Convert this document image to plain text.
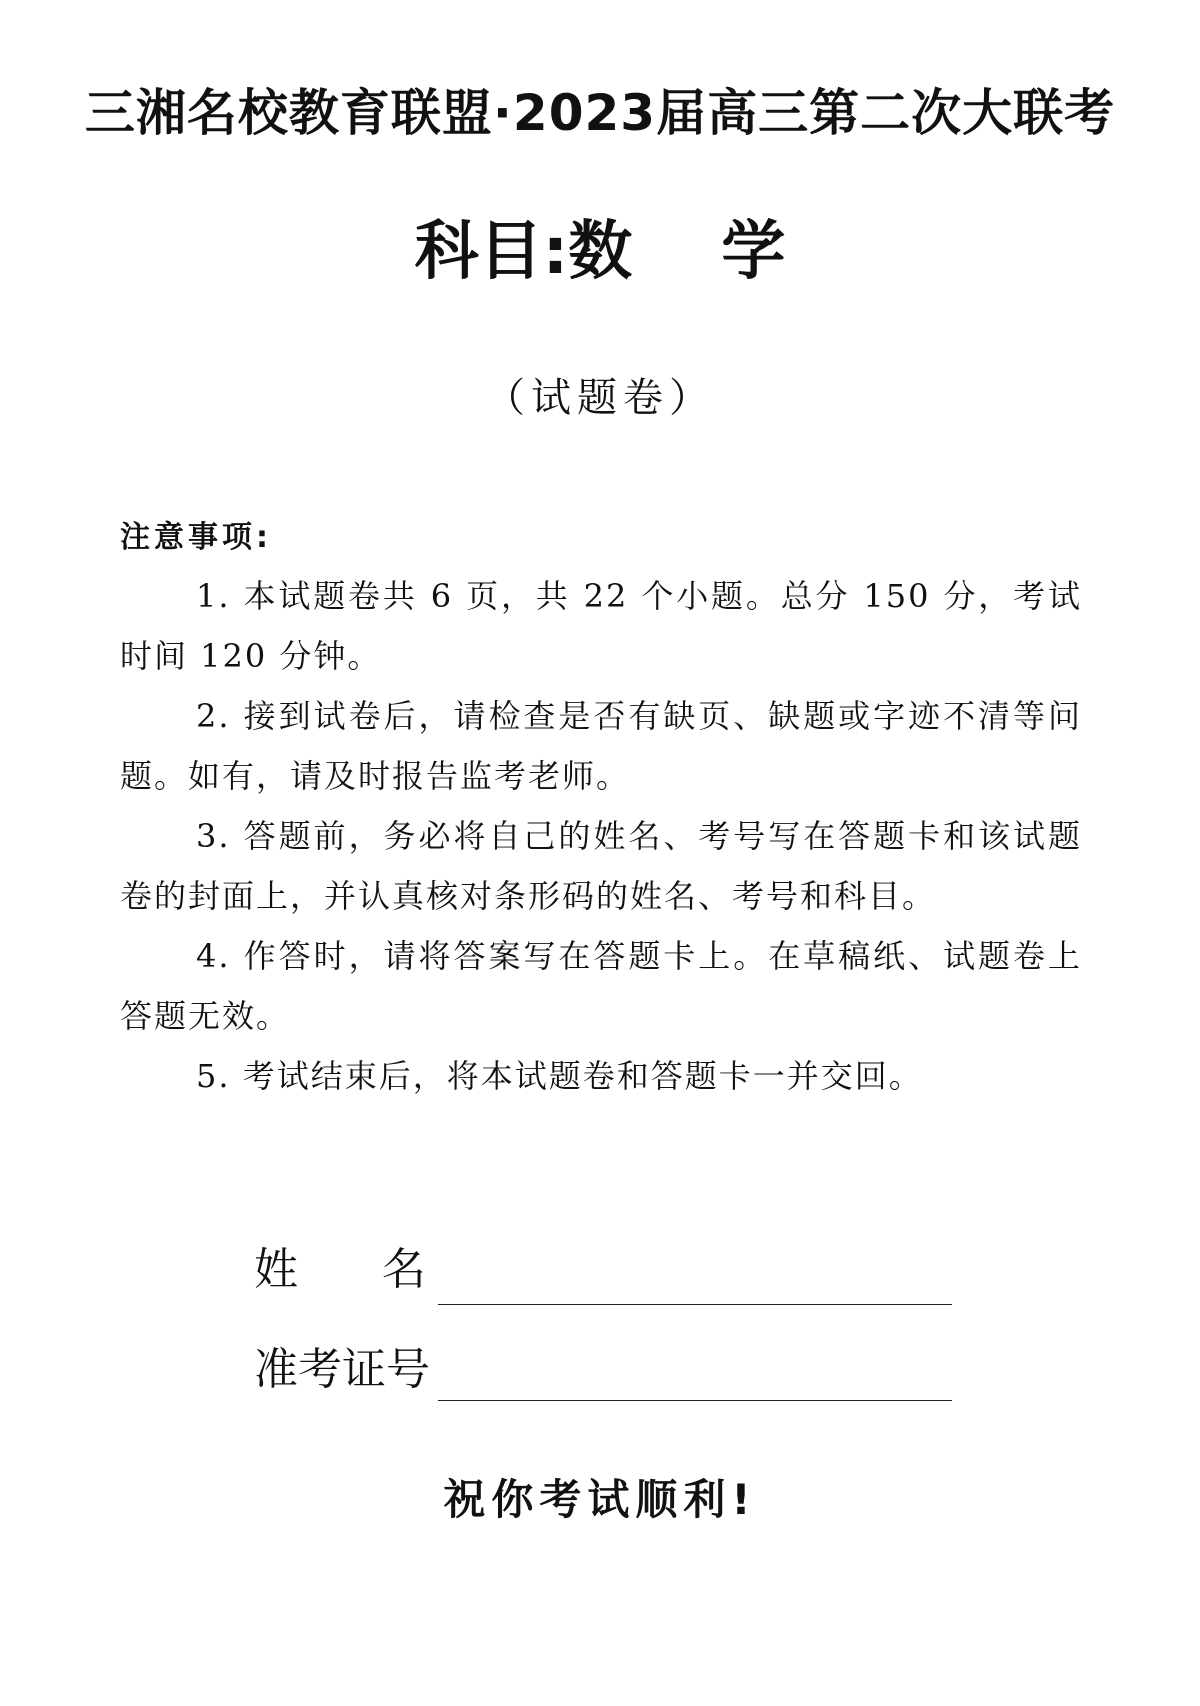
三湘名校教育联盟·2023届高三第二次大联考
科目:数    学
（试题卷）
注意事项:

1. 本试题卷共 6 页，共 22 个小题。总分 150 分，考试时间 120 分钟。

2. 接到试卷后，请检查是否有缺页、缺题或字迹不清等问题。如有，请及时报告监考老师。

3. 答题前，务必将自己的姓名、考号写在答题卡和该试题卷的封面上，并认真核对条形码的姓名、考号和科目。

4. 作答时，请将答案写在答题卡上。在草稿纸、试题卷上答题无效。

5. 考试结束后，将本试题卷和答题卡一并交回。

姓      名
准考证号
祝你考试顺利!
